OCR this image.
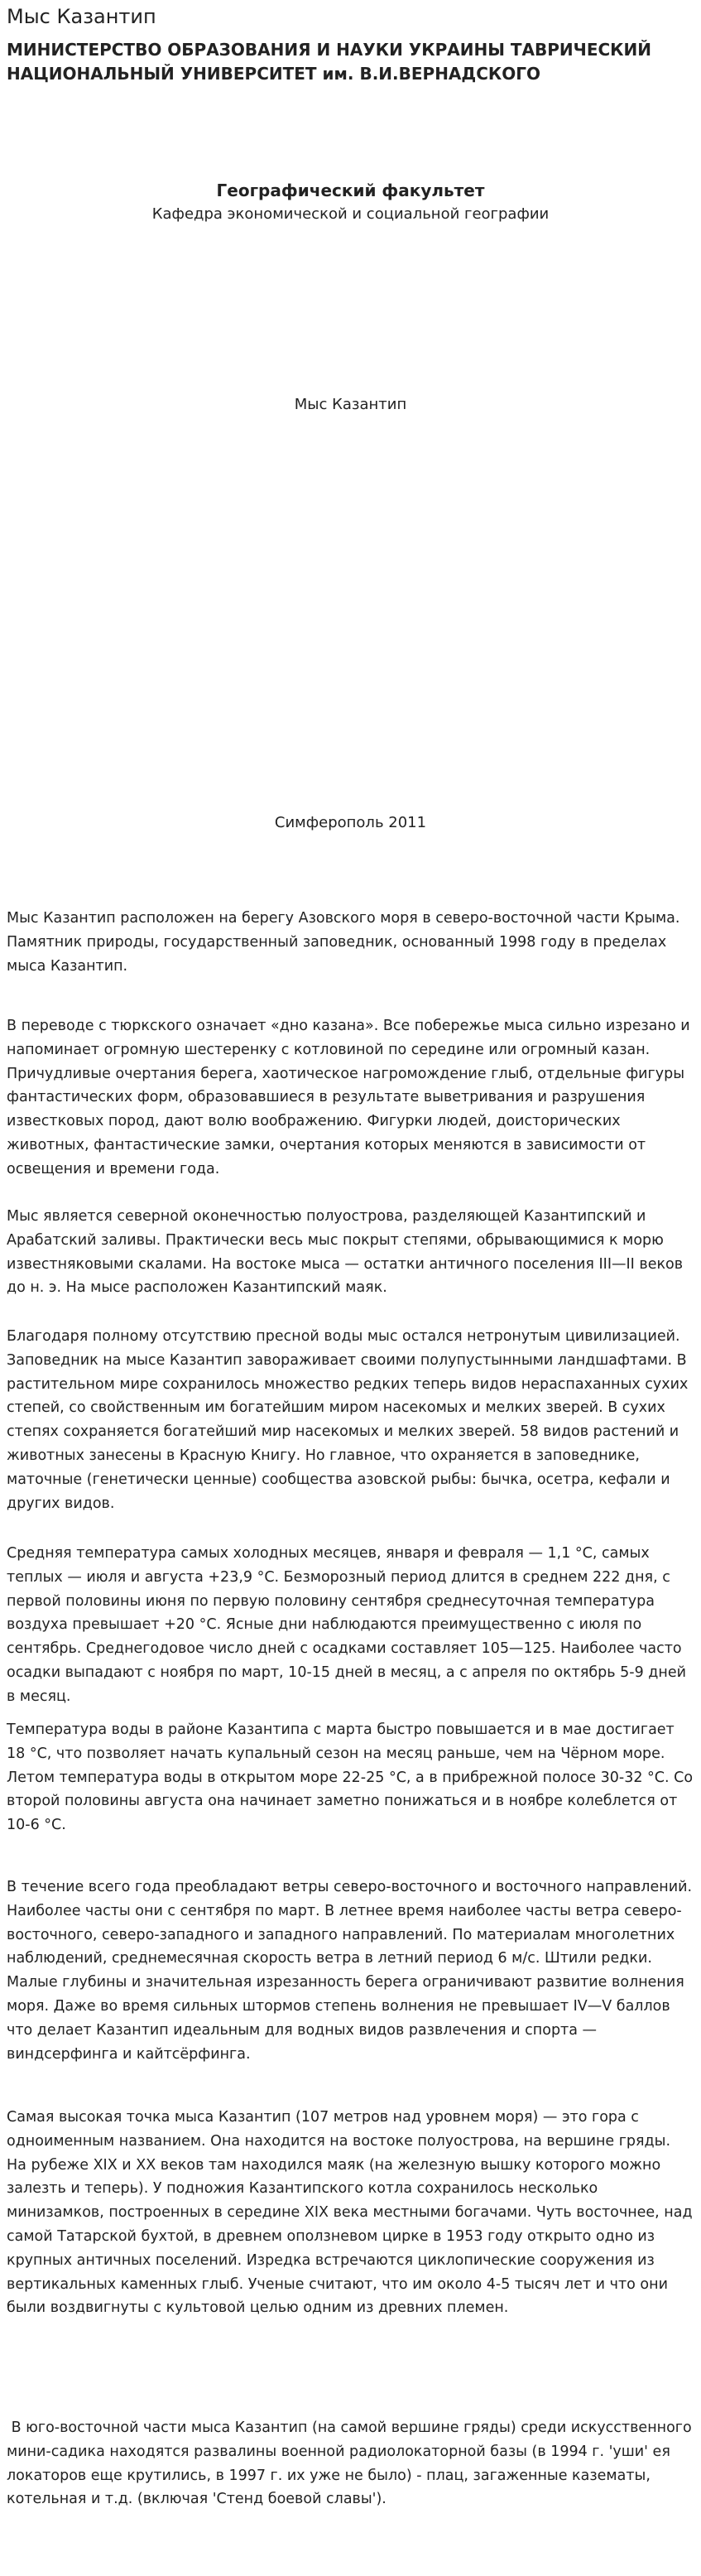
Мыс Казантип
МИНИСТЕРСТВО ОБРАЗОВАНИЯ И НАУКИ УКРАИНЫ ТАВРИЧЕСКИЙ НАЦИОНАЛЬНЫЙ УНИВЕРСИТЕТ им. В.И.ВЕРНАДСКОГО
Географический факультет
Кафедра экономической и социальной географии
Мыс Казантип
Симферополь 2011

Мыс Казантип расположен на берегу Азовского моря в северо-восточной части Крыма. Памятник природы, государственный заповедник, основанный 1998 году в пределах мыса Казантип.

В переводе с тюркского означает «дно казана». Все побережье мыса сильно изрезано и напоминает огромную шестеренку с котловиной по середине или огромный казан. Причудливые очертания берега, хаотическое нагромождение глыб, отдельные фигуры фантастических форм, образовавшиеся в результате выветривания и разрушения известковых пород, дают волю воображению. Фигурки людей, доисторических животных, фантастические замки, очертания которых меняются в зависимости от освещения и времени года.

Мыс является северной оконечностью полуострова, разделяющей Казантипский и Арабатский заливы. Практически весь мыс покрыт степями, обрывающимися к морю известняковыми скалами. На востоке мыса — остатки античного поселения III—II веков до н. э. На мысе расположен Казантипский маяк.

Благодаря полному отсутствию пресной воды мыс остался нетронутым цивилизацией. Заповедник на мысе Казантип завораживает своими полупустынными ландшафтами. В растительном мире сохранилось множество редких теперь видов нераспаханных сухих степей, со свойственным им богатейшим миром насекомых и мелких зверей. В сухих степях сохраняется богатейший мир насекомых и мелких зверей. 58 видов растений и животных занесены в Красную Книгу. Но главное, что охраняется в заповеднике, маточные (генетически ценные) сообщества азовской рыбы: бычка, осетра, кефали и других видов.

Средняя температура самых холодных месяцев, января и февраля — 1,1 °С, самых теплых — июля и августа +23,9 °С. Безморозный период длится в среднем 222 дня, с первой половины июня по первую половину сентября среднесуточная температура воздуха превышает +20 °С. Ясные дни наблюдаются преимущественно с июля по сентябрь. Среднегодовое число дней с осадками составляет 105—125. Наиболее часто осадки выпадают с ноября по март, 10-15 дней в месяц, а с апреля по октябрь 5-9 дней в месяц.

Температура воды в районе Казантипа с марта быстро повышается и в мае достигает 18 °С, что позволяет начать купальный сезон на месяц раньше, чем на Чёрном море. Летом температура воды в открытом море 22-25 °С, а в прибрежной полосе 30-32 °С. Со второй половины августа она начинает заметно понижаться и в ноябре колеблется от 10-6 °С.

В течение всего года преобладают ветры северо-восточного и восточного направлений. Наиболее часты они с сентября по март. В летнее время наиболее часты ветра северо-восточного, северо-западного и западного направлений. По материалам многолетних наблюдений, среднемесячная скорость ветра в летний период 6 м/с. Штили редки. Малые глубины и значительная изрезанность берега ограничивают развитие волнения моря. Даже во время сильных штормов степень волнения не превышает IV—V баллов что делает Казантип идеальным для водных видов развлечения и спорта — виндсерфинга и кайтсёрфинга.

Самая высокая точка мыса Казантип (107 метров над уровнем моря) — это гора с одноименным названием. Она находится на востоке полуострова, на вершине гряды. На рубеже XIX и XX веков там находился маяк (на железную вышку которого можно залезть и теперь). У подножия Казантипского котла сохранилось несколько минизамков, построенных в середине XIX века местными богачами. Чуть восточнее, над самой Татарской бухтой, в древнем оползневом цирке в 1953 году открыто одно из крупных античных поселений. Изредка встречаются циклопические сооружения из вертикальных каменных глыб. Ученые считают, что им около 4-5 тысяч лет и что они были воздвигнуты с культовой целью одним из древних племен.

В юго-восточной части мыса Казантип (на самой вершине гряды) среди искусственного мини-садика находятся развалины военной радиолокаторной базы (в 1994 г. 'уши' ея локаторов еще крутились, в 1997 г. их уже не было) - плац, загаженные казематы, котельная и т.д. (включая 'Стенд боевой славы').
